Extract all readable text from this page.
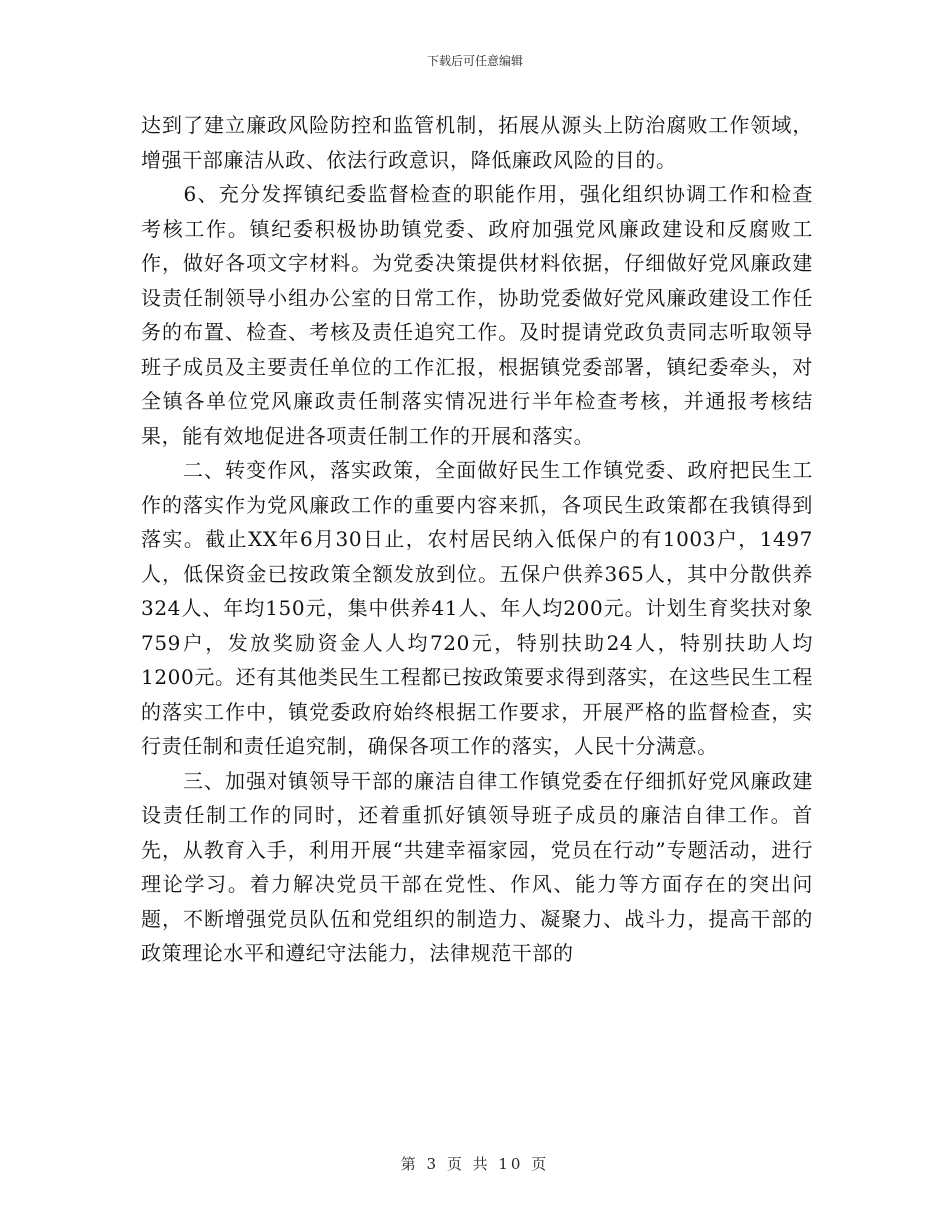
下载后可任意编辑

达到了建立廉政风险防控和监管机制，拓展从源头上防治腐败工作领域，增强干部廉洁从政、依法行政意识，降低廉政风险的目的。

　　6、充分发挥镇纪委监督检查的职能作用，强化组织协调工作和检查考核工作。镇纪委积极协助镇党委、政府加强党风廉政建设和反腐败工作，做好各项文字材料。为党委决策提供材料依据，仔细做好党风廉政建设责任制领导小组办公室的日常工作，协助党委做好党风廉政建设工作任务的布置、检查、考核及责任追究工作。及时提请党政负责同志听取领导班子成员及主要责任单位的工作汇报，根据镇党委部署，镇纪委牵头，对全镇各单位党风廉政责任制落实情况进行半年检查考核，并通报考核结果，能有效地促进各项责任制工作的开展和落实。

　　二、转变作风，落实政策，全面做好民生工作镇党委、政府把民生工作的落实作为党风廉政工作的重要内容来抓，各项民生政策都在我镇得到落实。截止XX年6月30日止，农村居民纳入低保户的有1003户，1497人，低保资金已按政策全额发放到位。五保户供养365人，其中分散供养324人、年均150元，集中供养41人、年人均200元。计划生育奖扶对象759户，发放奖励资金人人均720元，特别扶助24人，特别扶助人均1200元。还有其他类民生工程都已按政策要求得到落实，在这些民生工程的落实工作中，镇党委政府始终根据工作要求，开展严格的监督检查，实行责任制和责任追究制，确保各项工作的落实，人民十分满意。

　　三、加强对镇领导干部的廉洁自律工作镇党委在仔细抓好党风廉政建设责任制工作的同时，还着重抓好镇领导班子成员的廉洁自律工作。首先，从教育入手，利用开展“共建幸福家园，党员在行动”专题活动，进行理论学习。着力解决党员干部在党性、作风、能力等方面存在的突出问题，不断增强党员队伍和党组织的制造力、凝聚力、战斗力，提高干部的政策理论水平和遵纪守法能力，法律规范干部的

第 3 页 共 10 页
